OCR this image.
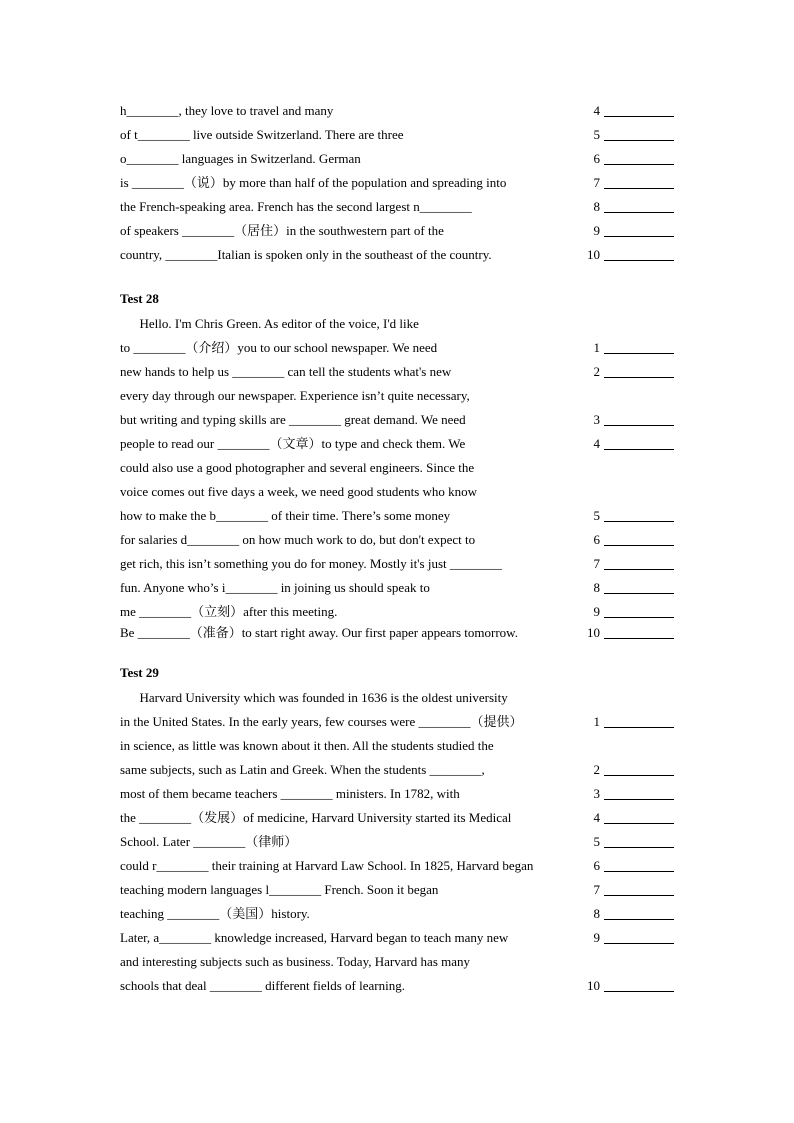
h________, they love to travel and many
of t________ live outside Switzerland. There are three
o________ languages in Switzerland. German
is ________（说）by more than half of the population and spreading into
the French-speaking area. French has the second largest n________
of speakers ________（居住）in the southwestern part of the
country, ________Italian is spoken only in the southeast of the country.
4
5
6
7
8
9
10
Test 28
Hello. I'm Chris Green. As editor of the voice, I'd like
to ________（介绍）you to our school newspaper. We need
new hands to help us ________ can tell the students what's new
every day through our newspaper. Experience isn’t quite necessary,
but writing and typing skills are ________ great demand. We need
people to read our ________（文章）to type and check them. We
could also use a good photographer and several engineers. Since the
voice comes out five days a week, we need good students who know
how to make the b________ of their time. There’s some money
for salaries d________ on how much work to do, but don't expect to
get rich, this isn’t something you do for money. Mostly it's just ________
fun. Anyone who’s i________ in joining us should speak to
me ________（立刻）after this meeting.
Be ________（准备）to start right away. Our first paper appears tomorrow.
1
2
3
4
5
6
7
8
9
10
Test 29
Harvard University which was founded in 1636 is the oldest university
in the United States. In the early years, few courses were ________（提供）
in science, as little was known about it then. All the students studied the
same subjects, such as Latin and Greek. When the students ________,
most of them became teachers ________ ministers. In 1782, with
the ________（发展）of medicine, Harvard University started its Medical
School. Later ________（律师）
could r________ their training at Harvard Law School. In 1825, Harvard began
teaching modern languages l________ French. Soon it began
teaching ________（美国）history.
Later, a________ knowledge increased, Harvard began to teach many new
and interesting subjects such as business. Today, Harvard has many
schools that deal ________ different fields of learning.
1
2
3
4
5
6
7
8
9
10
